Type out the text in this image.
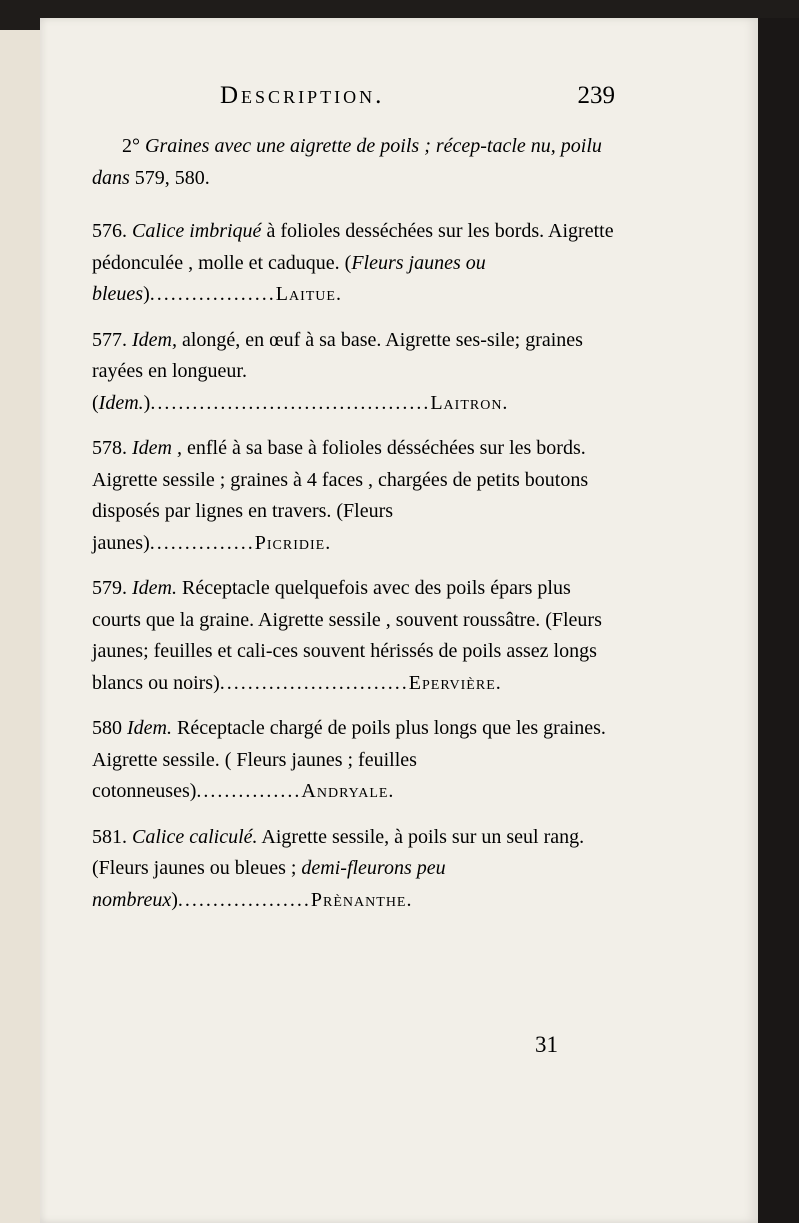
Description.	239

2° Graines avec une aigrette de poils ; récep-tacle nu, poilu dans 579, 580.

576. Calice imbriqué à folioles desséchées sur les bords. Aigrette pédonculée , molle et caduque. (Fleurs jaunes ou bleues)..................Laitue.

577. Idem, alongé, en œuf à sa base. Aigrette ses-sile; graines rayées en longueur. (Idem.)........................................Laitron.

578. Idem , enflé à sa base à folioles désséchées sur les bords. Aigrette sessile ; graines à 4 faces , chargées de petits boutons disposés par lignes en travers. (Fleurs jaunes)...............Picridie.

579. Idem. Réceptacle quelquefois avec des poils épars plus courts que la graine. Aigrette sessile , souvent roussâtre. (Fleurs jaunes; feuilles et cali-ces souvent hérissés de poils assez longs blancs ou noirs)...........................Epervière.

580 Idem. Réceptacle chargé de poils plus longs que les graines. Aigrette sessile. ( Fleurs jaunes ; feuilles cotonneuses)...............Andryale.

581. Calice caliculé. Aigrette sessile, à poils sur un seul rang. (Fleurs jaunes ou bleues ; demi-fleurons peu nombreux)...................Prènanthe.

31
